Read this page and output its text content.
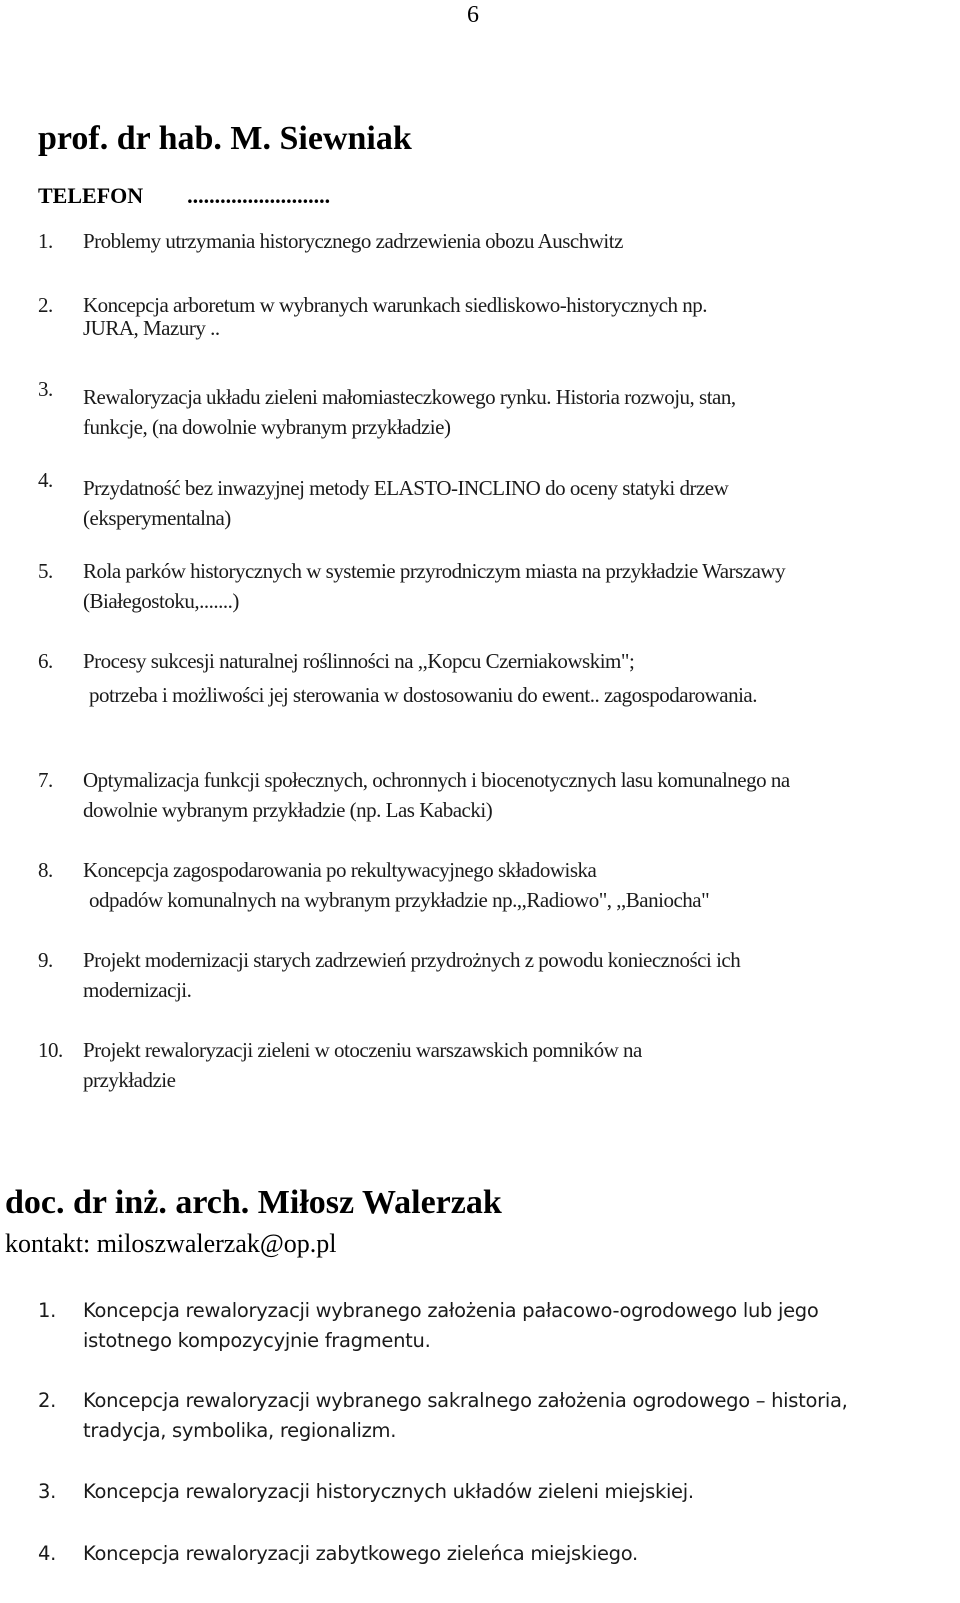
6
prof. dr hab. M. Siewniak
TELEFON ..........................
1. Problemy utrzymania historycznego zadrzewienia obozu Auschwitz
2. Koncepcja arboretum w wybranych warunkach siedliskowo-historycznych np.
JURA, Mazury ..
3. Rewaloryzacja układu zieleni małomiasteczkowego rynku. Historia rozwoju, stan,
funkcje, (na dowolnie wybranym przykładzie)
4. Przydatność bez inwazyjnej metody ELASTO-INCLINO do oceny statyki drzew
(eksperymentalna)
5. Rola parków historycznych w systemie przyrodniczym miasta na przykładzie Warszawy
(Białegostoku,.......)
6. Procesy sukcesji naturalnej roślinności na ,,Kopcu Czerniakowskim";
potrzeba i możliwości jej sterowania w dostosowaniu do ewent.. zagospodarowania.
7. Optymalizacja funkcji społecznych, ochronnych i biocenotycznych lasu komunalnego na
dowolnie wybranym przykładzie (np. Las Kabacki)
8. Koncepcja zagospodarowania po rekultywacyjnego składowiska
odpadów komunalnych na wybranym przykładzie np.,,Radiowo", ,,Baniocha"
9. Projekt modernizacji starych zadrzewień przydrożnych z powodu konieczności ich
modernizacji.
10. Projekt rewaloryzacji zieleni w otoczeniu warszawskich pomników na
przykładzie
doc. dr inż. arch. Miłosz Walerzak
kontakt: miloszwalerzak@op.pl
1. Koncepcja rewaloryzacji wybranego założenia pałacowo-ogrodowego lub jego
istotnego kompozycyjnie fragmentu.
2. Koncepcja rewaloryzacji wybranego sakralnego założenia ogrodowego – historia,
tradycja, symbolika, regionalizm.
3. Koncepcja rewaloryzacji historycznych układów zieleni miejskiej.
4. Koncepcja rewaloryzacji zabytkowego zieleńca miejskiego.
